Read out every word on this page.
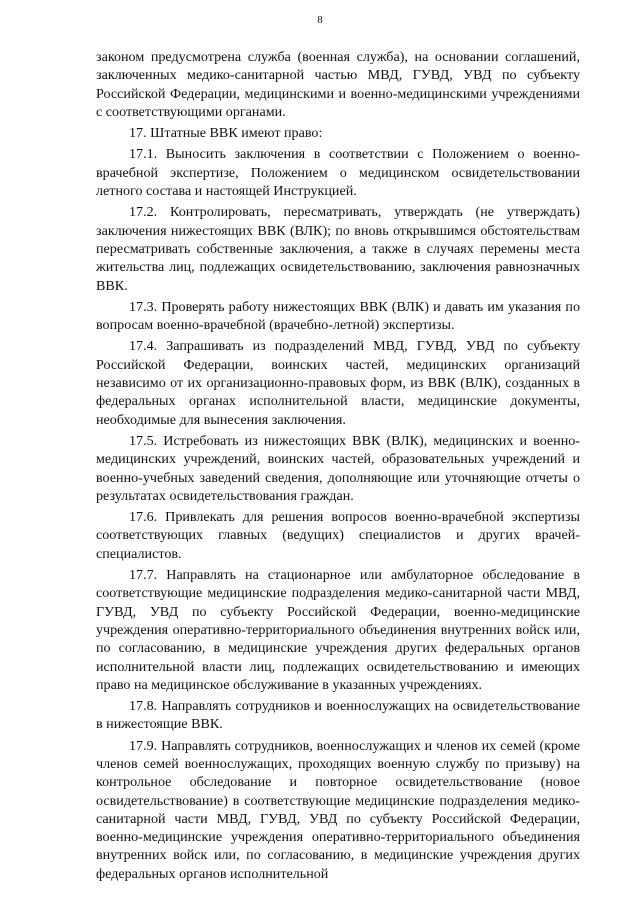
8

законом предусмотрена служба (военная служба), на основании соглашений, заключенных медико-санитарной частью МВД, ГУВД, УВД по субъекту Российской Федерации, медицинскими и военно-медицинскими учреждениями с соответствующими органами.

17. Штатные ВВК имеют право:

17.1. Выносить заключения в соответствии с Положением о военно-врачебной экспертизе, Положением о медицинском освидетельствовании летного состава и настоящей Инструкцией.

17.2. Контролировать, пересматривать, утверждать (не утверждать) заключения нижестоящих ВВК (ВЛК); по вновь открывшимся обстоятельствам пересматривать собственные заключения, а также в случаях перемены места жительства лиц, подлежащих освидетельствованию, заключения равнозначных ВВК.

17.3. Проверять работу нижестоящих ВВК (ВЛК) и давать им указания по вопросам военно-врачебной (врачебно-летной) экспертизы.

17.4. Запрашивать из подразделений МВД, ГУВД, УВД по субъекту Российской Федерации, воинских частей, медицинских организаций независимо от их организационно-правовых форм, из ВВК (ВЛК), созданных в федеральных органах исполнительной власти, медицинские документы, необходимые для вынесения заключения.

17.5. Истребовать из нижестоящих ВВК (ВЛК), медицинских и военно-медицинских учреждений, воинских частей, образовательных учреждений и военно-учебных заведений сведения, дополняющие или уточняющие отчеты о результатах освидетельствования граждан.

17.6. Привлекать для решения вопросов военно-врачебной экспертизы соответствующих главных (ведущих) специалистов и других врачей-специалистов.

17.7. Направлять на стационарное или амбулаторное обследование в соответствующие медицинские подразделения медико-санитарной части МВД, ГУВД, УВД по субъекту Российской Федерации, военно-медицинские учреждения оперативно-территориального объединения внутренних войск или, по согласованию, в медицинские учреждения других федеральных органов исполнительной власти лиц, подлежащих освидетельствованию и имеющих право на медицинское обслуживание в указанных учреждениях.

17.8. Направлять сотрудников и военнослужащих на освидетельствование в нижестоящие ВВК.

17.9. Направлять сотрудников, военнослужащих и членов их семей (кроме членов семей военнослужащих, проходящих военную службу по призыву) на контрольное обследование и повторное освидетельствование (новое освидетельствование) в соответствующие медицинские подразделения медико-санитарной части МВД, ГУВД, УВД по субъекту Российской Федерации, военно-медицинские учреждения оперативно-территориального объединения внутренних войск или, по согласованию, в медицинские учреждения других федеральных органов исполнительной
